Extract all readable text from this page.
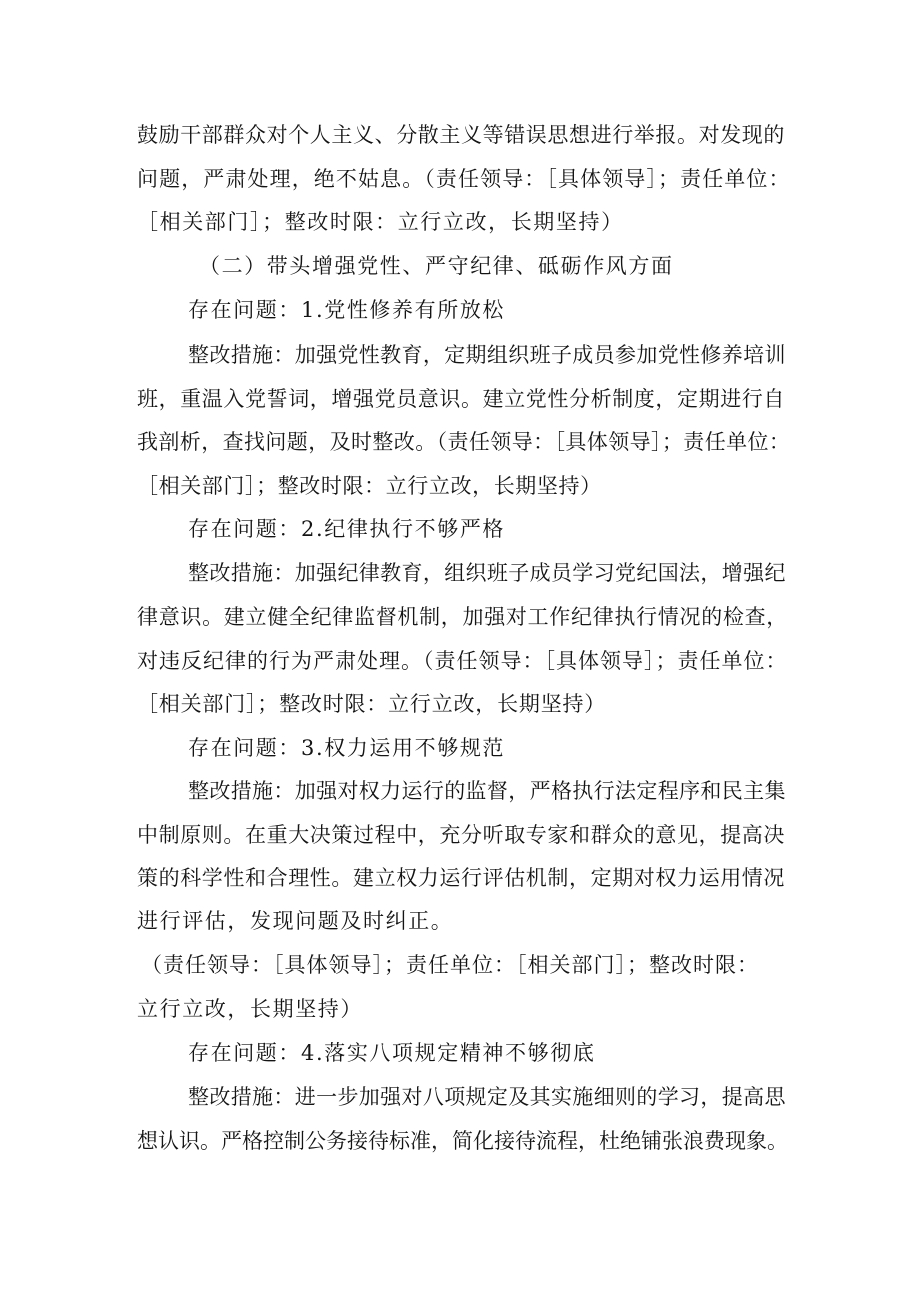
鼓励干部群众对个人主义、分散主义等错误思想进行举报。对发现的
问题，严肃处理，绝不姑息。（责任领导：［具体领导］；责任单位：
［相关部门］；整改时限：立行立改，长期坚持）
（二）带头增强党性、严守纪律、砥砺作风方面
存在问题：1.党性修养有所放松
整改措施：加强党性教育，定期组织班子成员参加党性修养培训
班，重温入党誓词，增强党员意识。建立党性分析制度，定期进行自
我剖析，查找问题，及时整改。（责任领导：［具体领导］；责任单位：
［相关部门］；整改时限：立行立改，长期坚持）
存在问题：2.纪律执行不够严格
整改措施：加强纪律教育，组织班子成员学习党纪国法，增强纪
律意识。建立健全纪律监督机制，加强对工作纪律执行情况的检查，
对违反纪律的行为严肃处理。（责任领导：［具体领导］；责任单位：
［相关部门］；整改时限：立行立改，长期坚持）
存在问题：3.权力运用不够规范
整改措施：加强对权力运行的监督，严格执行法定程序和民主集
中制原则。在重大决策过程中，充分听取专家和群众的意见，提高决
策的科学性和合理性。建立权力运行评估机制，定期对权力运用情况
进行评估，发现问题及时纠正。
（责任领导：［具体领导］；责任单位：［相关部门］；整改时限：
立行立改，长期坚持）
存在问题：4.落实八项规定精神不够彻底
整改措施：进一步加强对八项规定及其实施细则的学习，提高思
想认识。严格控制公务接待标准，简化接待流程，杜绝铺张浪费现象。
